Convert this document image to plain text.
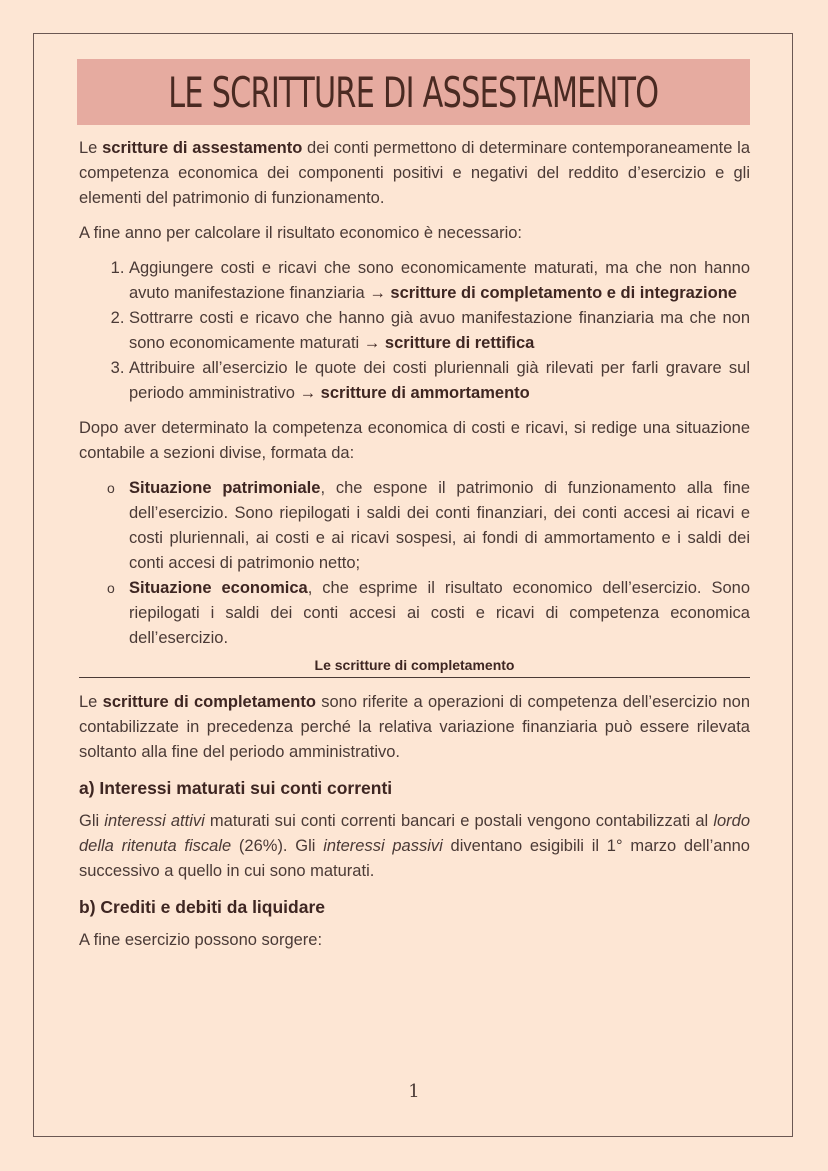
LE SCRITTURE DI ASSESTAMENTO

Le scritture di assestamento dei conti permettono di determinare contemporaneamente la competenza economica dei componenti positivi e negativi del reddito d’esercizio e gli elementi del patrimonio di funzionamento.

A fine anno per calcolare il risultato economico è necessario:

1. Aggiungere costi e ricavi che sono economicamente maturati, ma che non hanno avuto manifestazione finanziaria → scritture di completamento e di integrazione
2. Sottrarre costi e ricavo che hanno già avuo manifestazione finanziaria ma che non sono economicamente maturati → scritture di rettifica
3. Attribuire all’esercizio le quote dei costi pluriennali già rilevati per farli gravare sul periodo amministrativo → scritture di ammortamento

Dopo aver determinato la competenza economica di costi e ricavi, si redige una situazione contabile a sezioni divise, formata da:

o Situazione patrimoniale, che espone il patrimonio di funzionamento alla fine dell’esercizio. Sono riepilogati i saldi dei conti finanziari, dei conti accesi ai ricavi e costi pluriennali, ai costi e ai ricavi sospesi, ai fondi di ammortamento e i saldi dei conti accesi di patrimonio netto;
o Situazione economica, che esprime il risultato economico dell’esercizio. Sono riepilogati i saldi dei conti accesi ai costi e ricavi di competenza economica dell’esercizio.
Le scritture di completamento

Le scritture di completamento sono riferite a operazioni di competenza dell’esercizio non contabilizzate in precedenza perché la relativa variazione finanziaria può essere rilevata soltanto alla fine del periodo amministrativo.

a) Interessi maturati sui conti correnti

Gli interessi attivi maturati sui conti correnti bancari e postali vengono contabilizzati al lordo della ritenuta fiscale (26%). Gli interessi passivi diventano esigibili il 1° marzo dell’anno successivo a quello in cui sono maturati.

b) Crediti e debiti da liquidare

A fine esercizio possono sorgere:

1
